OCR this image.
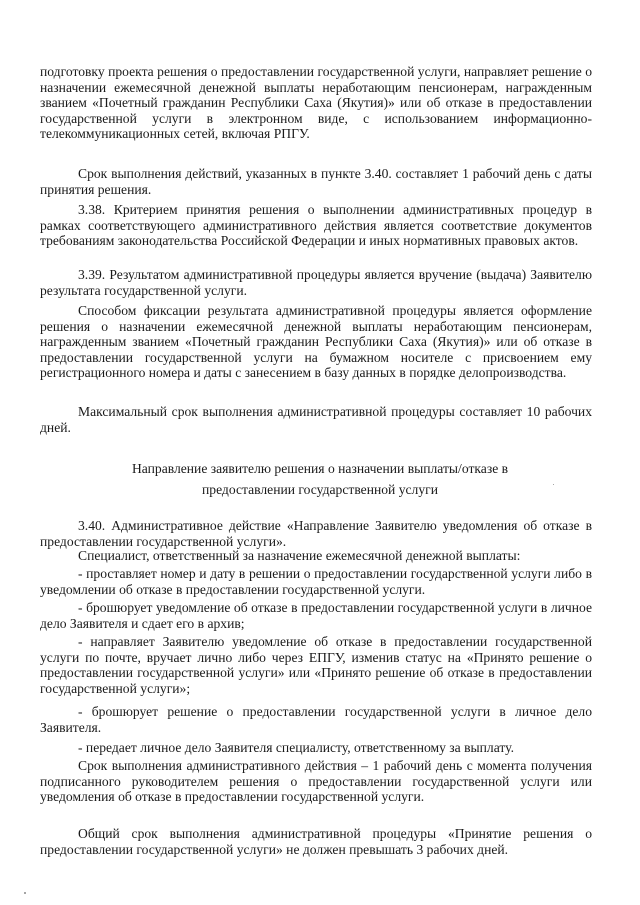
подготовку проекта решения о предоставлении государственной услуги, направляет решение о назначении ежемесячной денежной выплаты неработающим пенсионерам, награжденным званием «Почетный гражданин Республики Саха (Якутия)» или об отказе в предоставлении государственной услуги в электронном виде, с использованием информационно-телекоммуникационных сетей, включая РПГУ.

Срок выполнения действий, указанных в пункте 3.40. составляет 1 рабочий день с даты принятия решения.

3.38. Критерием принятия решения о выполнении административных процедур в рамках соответствующего административного действия является соответствие документов требованиям законодательства Российской Федерации и иных нормативных правовых актов.

3.39. Результатом административной процедуры является вручение (выдача) Заявителю результата государственной услуги.

Способом фиксации результата административной процедуры является оформление решения о назначении ежемесячной денежной выплаты неработающим пенсионерам, награжденным званием «Почетный гражданин Республики Саха (Якутия)» или об отказе в предоставлении государственной услуги на бумажном носителе с присвоением ему регистрационного номера и даты с занесением в базу данных в порядке делопроизводства.

Максимальный срок выполнения административной процедуры составляет 10 рабочих дней.

Направление заявителю решения о назначении выплаты/отказе в
предоставлении государственной услуги

3.40. Административное действие «Направление Заявителю уведомления об отказе в предоставлении государственной услуги».

Специалист, ответственный за назначение ежемесячной денежной выплаты:

- проставляет номер и дату в решении о предоставлении государственной услуги либо в уведомлении об отказе в предоставлении государственной услуги.

- брошюрует уведомление об отказе в предоставлении государственной услуги в личное дело Заявителя и сдает его в архив;

- направляет Заявителю уведомление об отказе в предоставлении государственной услуги по почте, вручает лично либо через ЕПГУ, изменив статус на «Принято решение о предоставлении государственной услуги» или «Принято решение об отказе в предоставлении государственной услуги»;

- брошюрует решение о предоставлении государственной услуги в личное дело Заявителя.

- передает личное дело Заявителя специалисту, ответственному за выплату.

Срок выполнения административного действия – 1 рабочий день с момента получения подписанного руководителем решения о предоставлении государственной услуги или уведомления об отказе в предоставлении государственной услуги.

Общий срок выполнения административной процедуры «Принятие решения о предоставлении государственной услуги» не должен превышать 3 рабочих дней.
